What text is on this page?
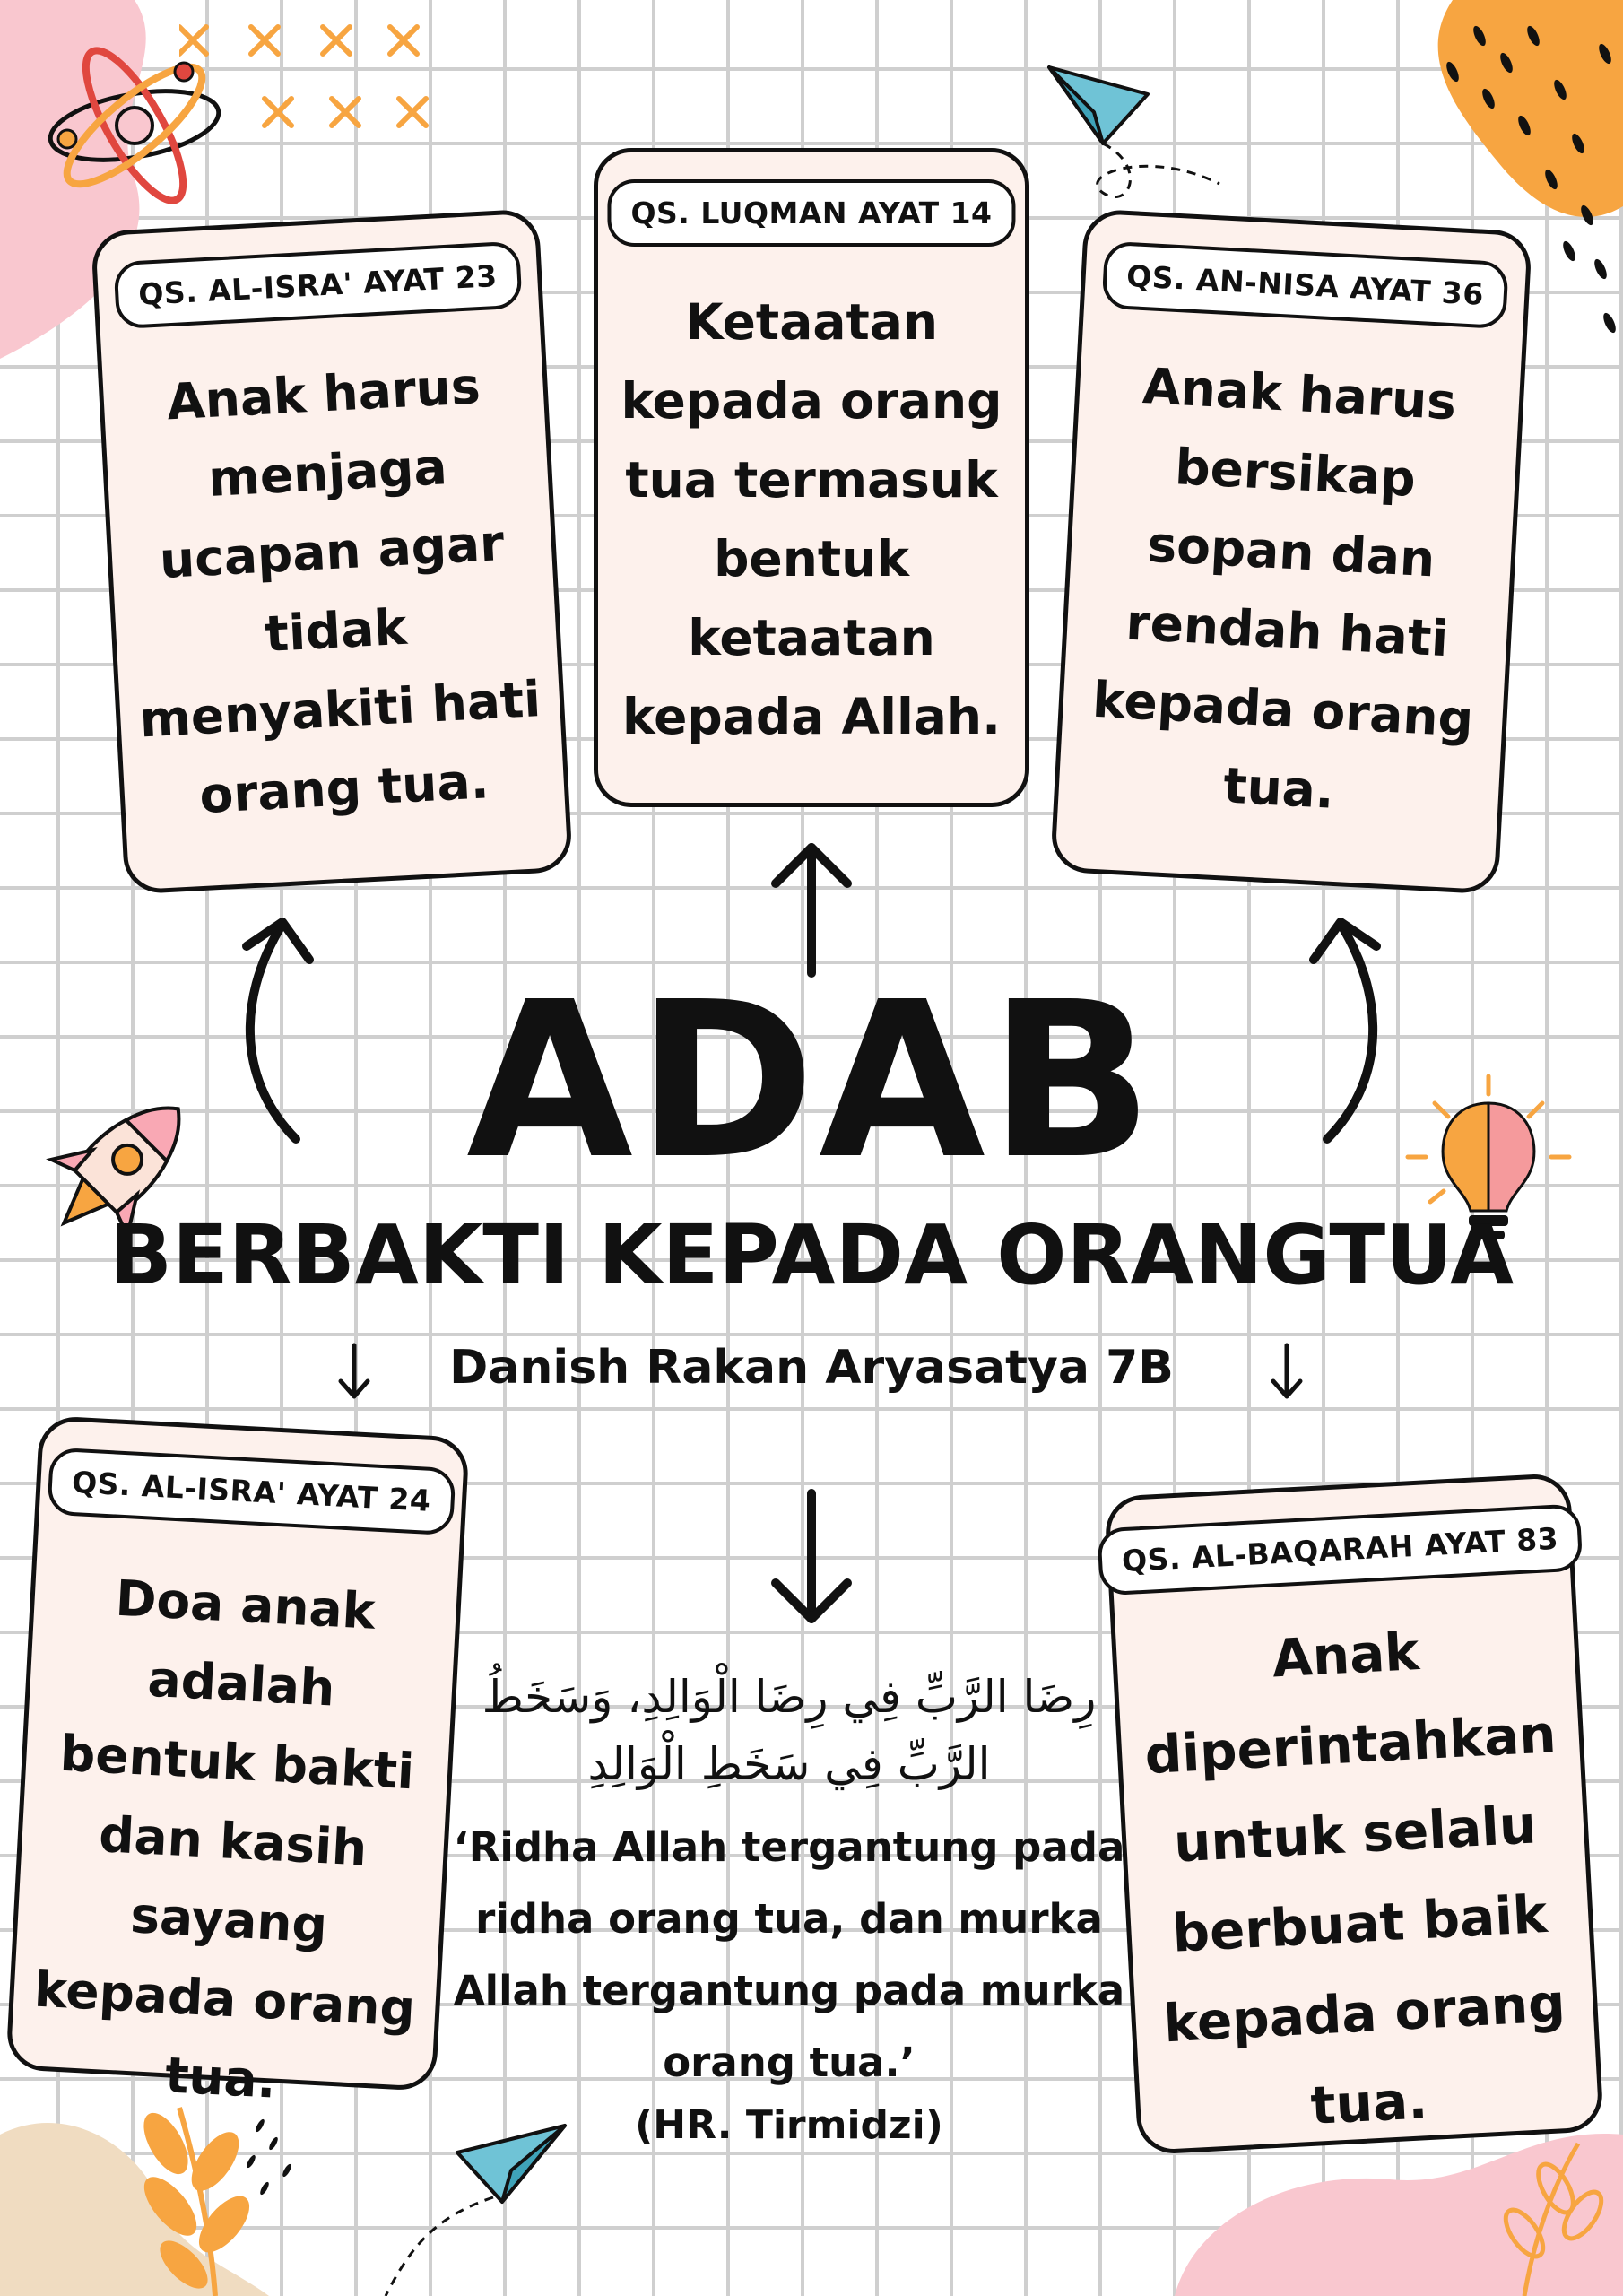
QS. AL-ISRA' AYAT 23
Anak harus menjaga ucapan agar tidak menyakiti hati orang tua.
QS. LUQMAN AYAT 14
Ketaatan kepada orang tua termasuk bentuk ketaatan kepada Allah.
QS. AN-NISA AYAT 36
Anak harus bersikap sopan dan rendah hati kepada orang tua.
QS. AL-ISRA' AYAT 24
Doa anak adalah bentuk bakti dan kasih sayang kepada orang tua.
QS. AL-BAQARAH AYAT 83
Anak diperintahkan untuk selalu berbuat baik kepada orang tua.
ADAB
BERBAKTI KEPADA ORANGTUA
Danish Rakan Aryasatya 7B
رِضَا الرَّبِّ فِي رِضَا الْوَالِدِ، وَسَخَطُ الرَّبِّ فِي سَخَطِ الْوَالِدِ
‘Ridha Allah tergantung pada ridha orang tua, dan murka Allah tergantung pada murka orang tua.’
(HR. Tirmidzi)
